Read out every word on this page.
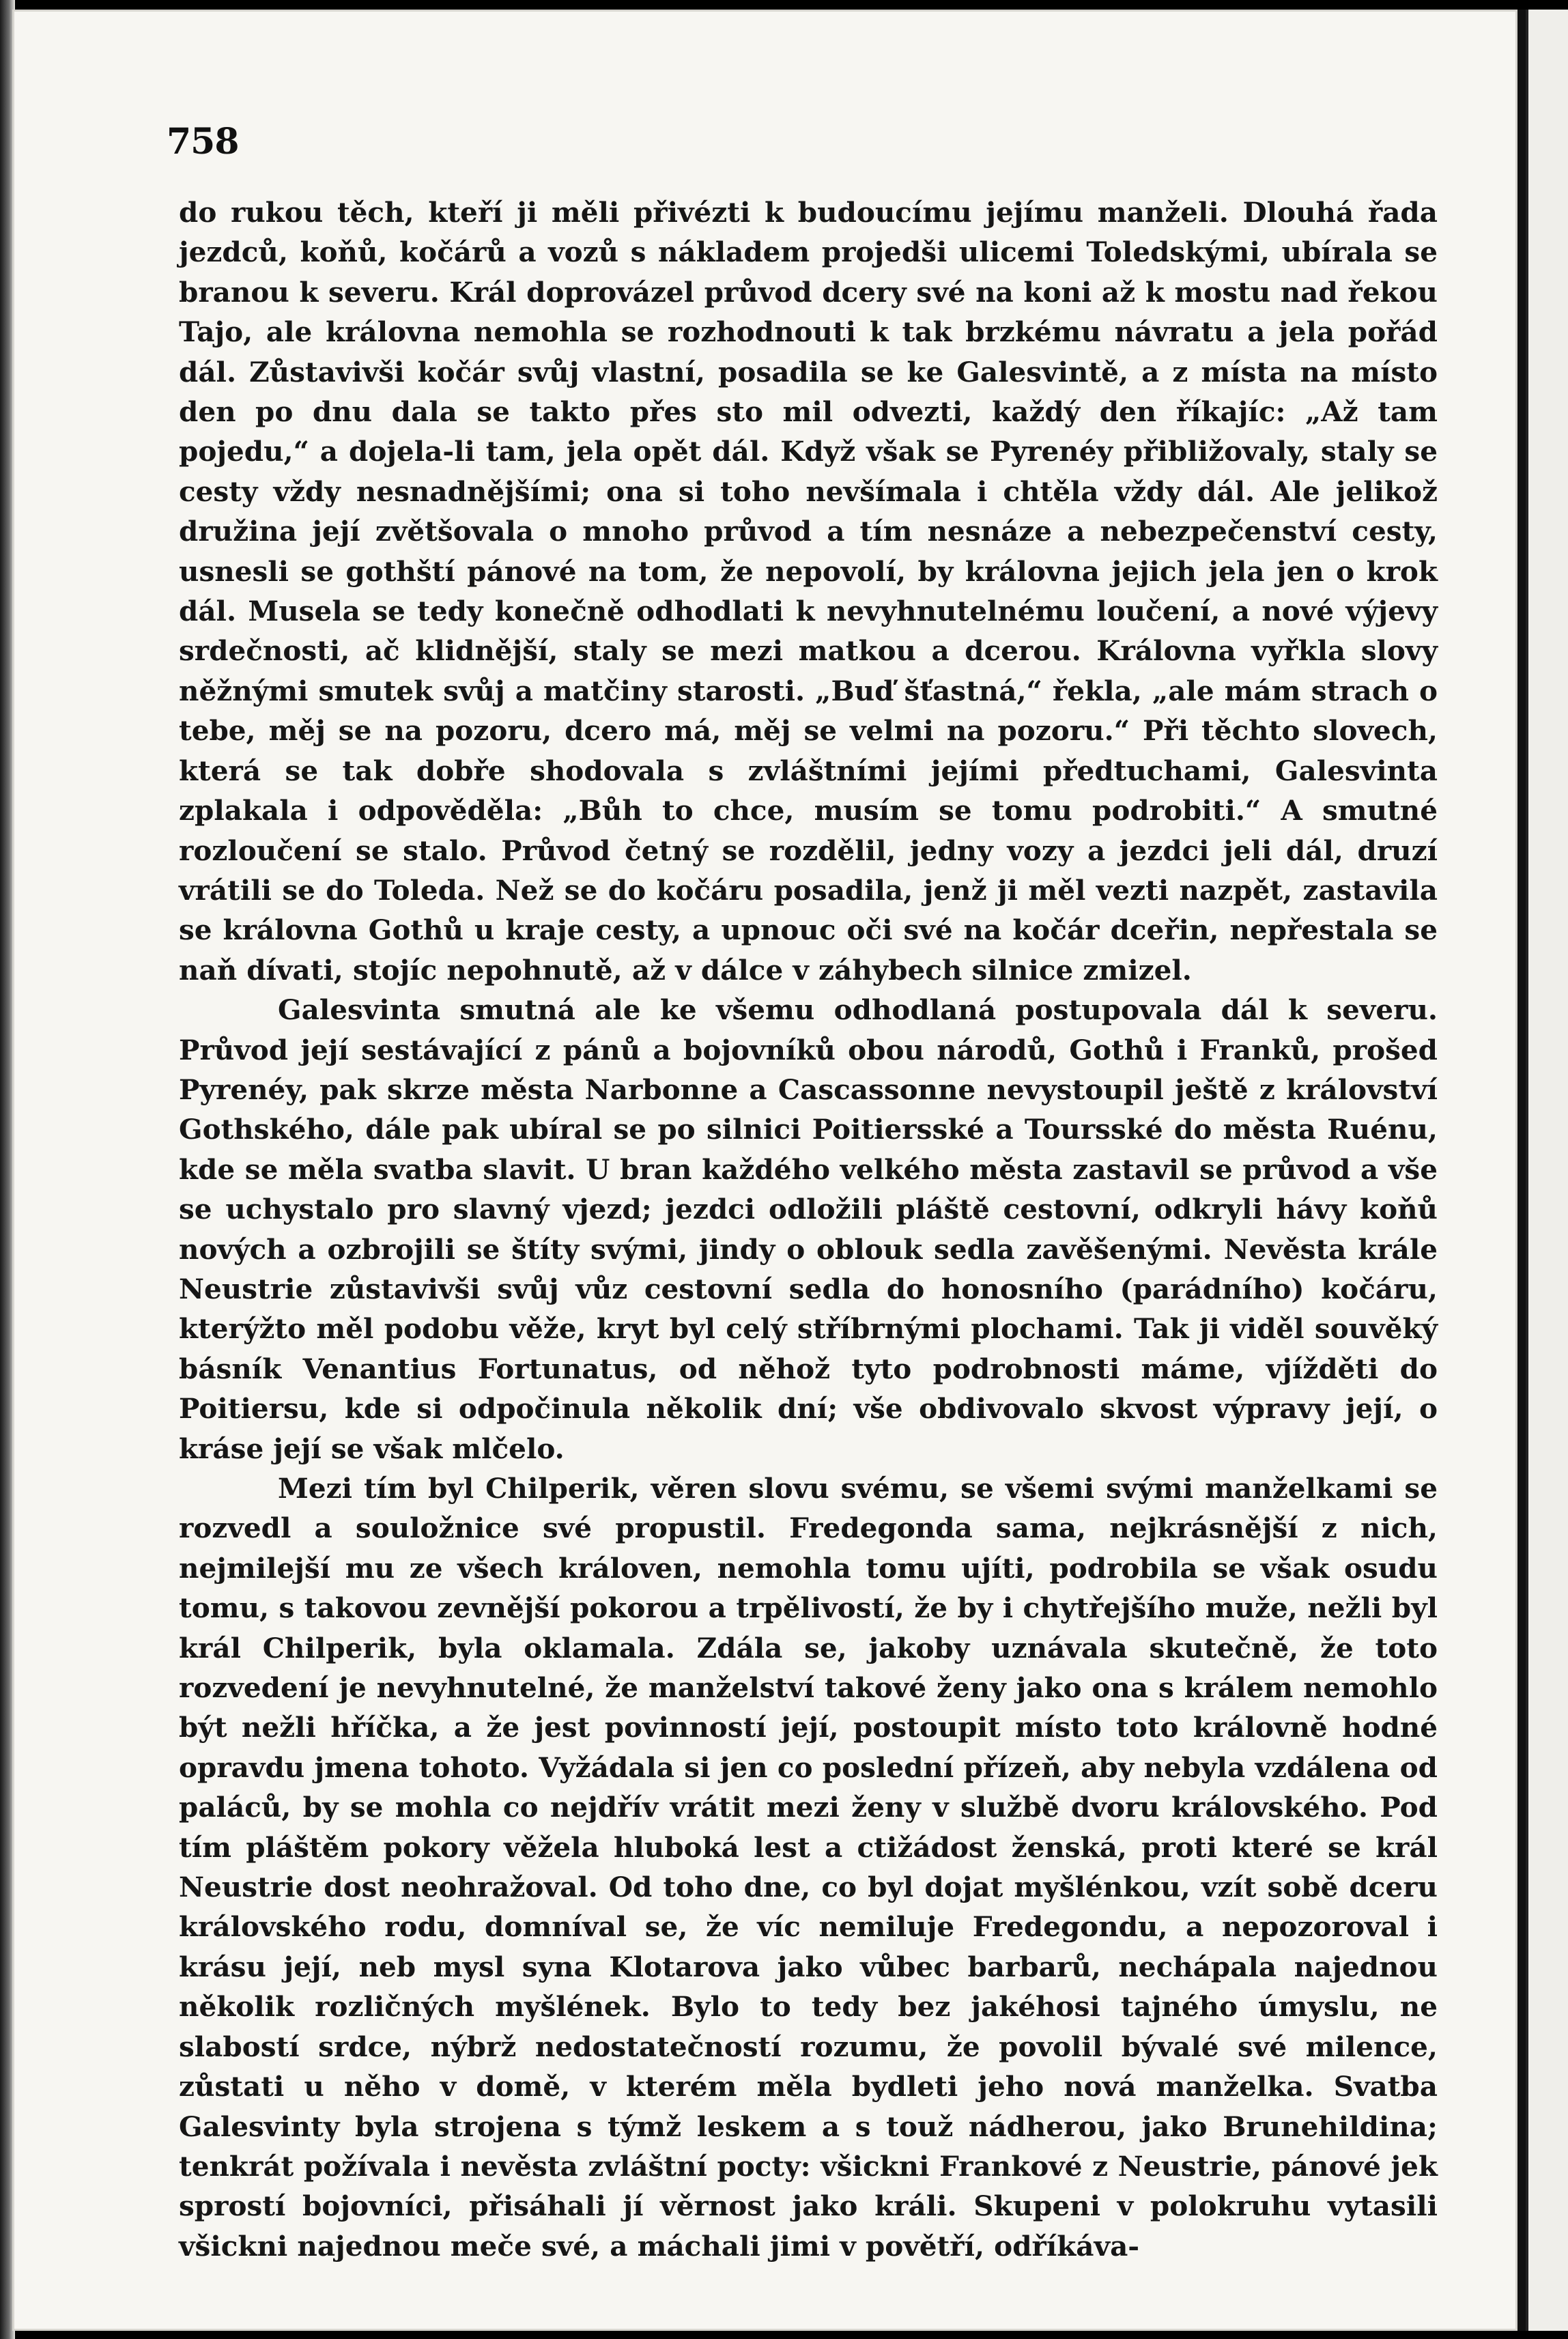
758

do rukou těch, kteří ji měli přivézti k budoucímu jejímu manželi. Dlouhá řada jezdců, koňů, kočárů a vozů s nákladem projedši ulicemi Toledskými, ubírala se branou k severu. Král doprovázel průvod dcery své na koni až k mostu nad řekou Tajo, ale královna nemohla se rozhodnouti k tak brzkému návratu a jela pořád dál. Zůstavivši kočár svůj vlastní, posadila se ke Galesvintě, a z místa na místo den po dnu dala se takto přes sto mil odvezti, každý den říkajíc: „Až tam pojedu,“ a dojela-li tam, jela opět dál. Když však se Pyrenéy přibližovaly, staly se cesty vždy nesnadnějšími; ona si toho nevšímala i chtěla vždy dál. Ale jelikož družina její zvětšovala o mnoho průvod a tím nesnáze a nebezpečenství cesty, usnesli se gothští pánové na tom, že nepovolí, by královna jejich jela jen o krok dál. Musela se tedy konečně odhodlati k nevyhnutelnému loučení, a nové výjevy srdečnosti, ač klidnější, staly se mezi matkou a dcerou. Královna vyřkla slovy něžnými smutek svůj a matčiny starosti. „Buď šťastná,“ řekla, „ale mám strach o tebe, měj se na pozoru, dcero má, měj se velmi na pozoru.“ Při těchto slovech, která se tak dobře shodovala s zvláštními jejími předtuchami, Galesvinta zplakala i odpověděla: „Bůh to chce, musím se tomu podrobiti.“ A smutné rozloučení se stalo. Průvod četný se rozdělil, jedny vozy a jezdci jeli dál, druzí vrátili se do Toleda. Než se do kočáru posadila, jenž ji měl vezti nazpět, zastavila se královna Gothů u kraje cesty, a upnouc oči své na kočár dceřin, nepřestala se naň dívati, stojíc nepohnutě, až v dálce v záhybech silnice zmizel.

Galesvinta smutná ale ke všemu odhodlaná postupovala dál k severu. Průvod její sestávající z pánů a bojovníků obou národů, Gothů i Franků, prošed Pyrenéy, pak skrze města Narbonne a Cascassonne nevystoupil ještě z království Gothského, dále pak ubíral se po silnici Poitiersské a Toursské do města Ruénu, kde se měla svatba slavit. U bran každého velkého města zastavil se průvod a vše se uchystalo pro slavný vjezd; jezdci odložili pláště cestovní, odkryli hávy koňů nových a ozbrojili se štíty svými, jindy o oblouk sedla zavěšenými. Nevěsta krále Neustrie zůstavivši svůj vůz cestovní sedla do honosního (parádního) kočáru, kterýžto měl podobu věže, kryt byl celý stříbrnými plochami. Tak ji viděl souvěký básník Venantius Fortunatus, od něhož tyto podrobnosti máme, vjížděti do Poitiersu, kde si odpočinula několik dní; vše obdivovalo skvost výpravy její, o kráse její se však mlčelo.

Mezi tím byl Chilperik, věren slovu svému, se všemi svými manželkami se rozvedl a souložnice své propustil. Fredegonda sama, nejkrásnější z nich, nejmilejší mu ze všech královen, nemohla tomu ujíti, podrobila se však osudu tomu, s takovou zevnější pokorou a trpělivostí, že by i chytřejšího muže, nežli byl král Chilperik, byla oklamala. Zdála se, jakoby uznávala skutečně, že toto rozvedení je nevyhnutelné, že manželství takové ženy jako ona s králem nemohlo být nežli hříčka, a že jest povinností její, postoupit místo toto královně hodné opravdu jmena tohoto. Vyžádala si jen co poslední přízeň, aby nebyla vzdálena od paláců, by se mohla co nejdřív vrátit mezi ženy v službě dvoru královského. Pod tím pláštěm pokory věžela hluboká lest a ctižádost ženská, proti které se král Neustrie dost neohražoval. Od toho dne, co byl dojat myšlénkou, vzít sobě dceru královského rodu, domníval se, že víc nemiluje Fredegondu, a nepozoroval i krásu její, neb mysl syna Klotarova jako vůbec barbarů, nechápala najednou několik rozličných myšlének. Bylo to tedy bez jakéhosi tajného úmyslu, ne slabostí srdce, nýbrž nedostatečností rozumu, že povolil bývalé své milence, zůstati u něho v domě, v kterém měla bydleti jeho nová manželka. Svatba Galesvinty byla strojena s týmž leskem a s touž nádherou, jako Brunehildina; tenkrát požívala i nevěsta zvláštní pocty: všickni Frankové z Neustrie, pánové jek sprostí bojovníci, přisáhali jí věrnost jako králi. Skupeni v polokruhu vytasili všickni najednou meče své, a máchali jimi v povětří, odříkáva-
